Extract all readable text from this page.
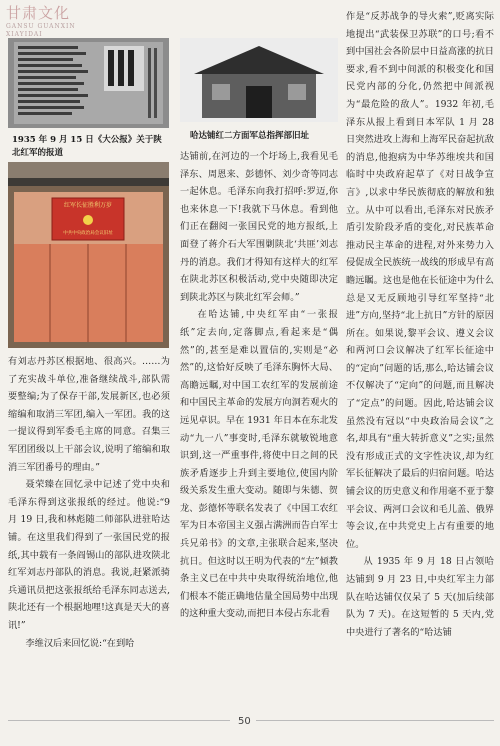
甘肃文化
GANSU GUANXIN
XIAYIDAI
1935 年 9 月 15 日《大公报》关于陕北红军的报道
红军长征胜利万岁
中共中央政治局会议旧址
哈达铺红二方面军总指挥部旧址

有刘志丹苏区根据地、很高兴。……为了充实战斗单位,准备继续战斗,部队需要整编;为了保存干部,发展新区,也必须缩编和取消三军团,编入一军团。我的这一提议得到军委毛主席的同意。召集三军团团级以上干部会议,说明了缩编和取消三军团番号的理由。”

聂荣臻在回忆录中记述了党中央和毛泽东得到这张报纸的经过。他说:“9 月 19 日,我和林彪随二师部队进驻哈达铺。在这里我们得到了一张国民党的报纸,其中载有一条阎锡山的部队进攻陕北红军刘志丹部队的消息。我说,赶紧派骑兵通讯员把这张报纸给毛泽东同志送去,陕北还有一个根据地哩!这真是天大的喜讯!”

李维汉后来回忆说:“在到哈

达铺前,在河边的一个圩场上,我看见毛泽东、周恩来、彭德怀、刘少奇等同志一起休息。毛泽东向我打招呼:罗迈,你也来休息一下!我就下马休息。看到他们正在翻阅一张国民党的地方报纸,上面登了蒋介石大军围剿陕北‘共匪’刘志丹的消息。我们才得知有这样大的红军在陕北苏区积极活动,党中央随即决定到陕北苏区与陕北红军会师。”

在哈达铺,中央红军由“一张报纸”定去向,定落脚点,看起来是“偶然”的,甚至是难以置信的,实则是“必然”的,这恰好反映了毛泽东胸怀大局、高瞻远瞩,对中国工农红军的发展前途和中国民主革命的发展方向洞若观火的远见卓识。早在 1931 年日本在东北发动“九一八”事变时,毛泽东就敏锐地意识到,这一严重事件,将使中日之间的民族矛盾逐步上升到主要地位,使国内阶级关系发生重大变动。随即与朱德、贺龙、彭德怀等联名发表了《中国工农红军为日本帝国主义强占满洲而告白军士兵兄弟书》的文章,主张联合起来,坚决抗日。但这时以王明为代表的“左”倾教条主义已在中共中央取得统治地位,他们根本不能正确地估量全国局势中出现的这种重大变动,而把日本侵占东北看

作是“反苏战争的导火索”,贬离实际地提出“武装保卫苏联”的口号;看不到中国社会各阶层中日益高涨的抗日要求,看不到中间派的积极变化和国民党内部的分化,仍然把中间派视为“最危险的敌人”。1932 年初,毛泽东从报上看到日本军队 1 月 28 日突然进攻上海和上海军民奋起抗敌的消息,他抱病为中华苏维埃共和国临时中央政府起草了《对日战争宣言》,以求中华民族彻底的解放和独立。从中可以看出,毛泽东对民族矛盾引发阶段矛盾的变化,对民族革命推动民主革命的进程,对外来势力入侵促成全民族统一战线的形成早有高瞻远瞩。这也是他在长征途中为什么总是又无反顾地引导红军坚持“北进”方向,坚持“北上抗日”方针的原因所在。如果说,黎平会议、遵义会议和两河口会议解决了红军长征途中的“定向”问题的话,那么,哈达铺会议不仅解决了“定向”的问题,而且解决了“定点”的问题。因此,哈达铺会议虽然没有冠以“中央政治局会议”之名,却具有“重大转折意义”之实;虽然没有形成正式的文字性决议,却为红军长征解决了最后的归宿问题。哈达铺会议的历史意义和作用毫不亚于黎平会议、两河口会议和毛儿盖、俄界等会议,在中共党史上占有重要的地位。

从 1935 年 9 月 18 日占领哈达铺到 9 月 23 日,中央红军主力部队在哈达铺仅仅呆了 5 天(加后续部队为 7 天)。在这短暂的 5 天内,党中央进行了著名的“哈达铺

50
